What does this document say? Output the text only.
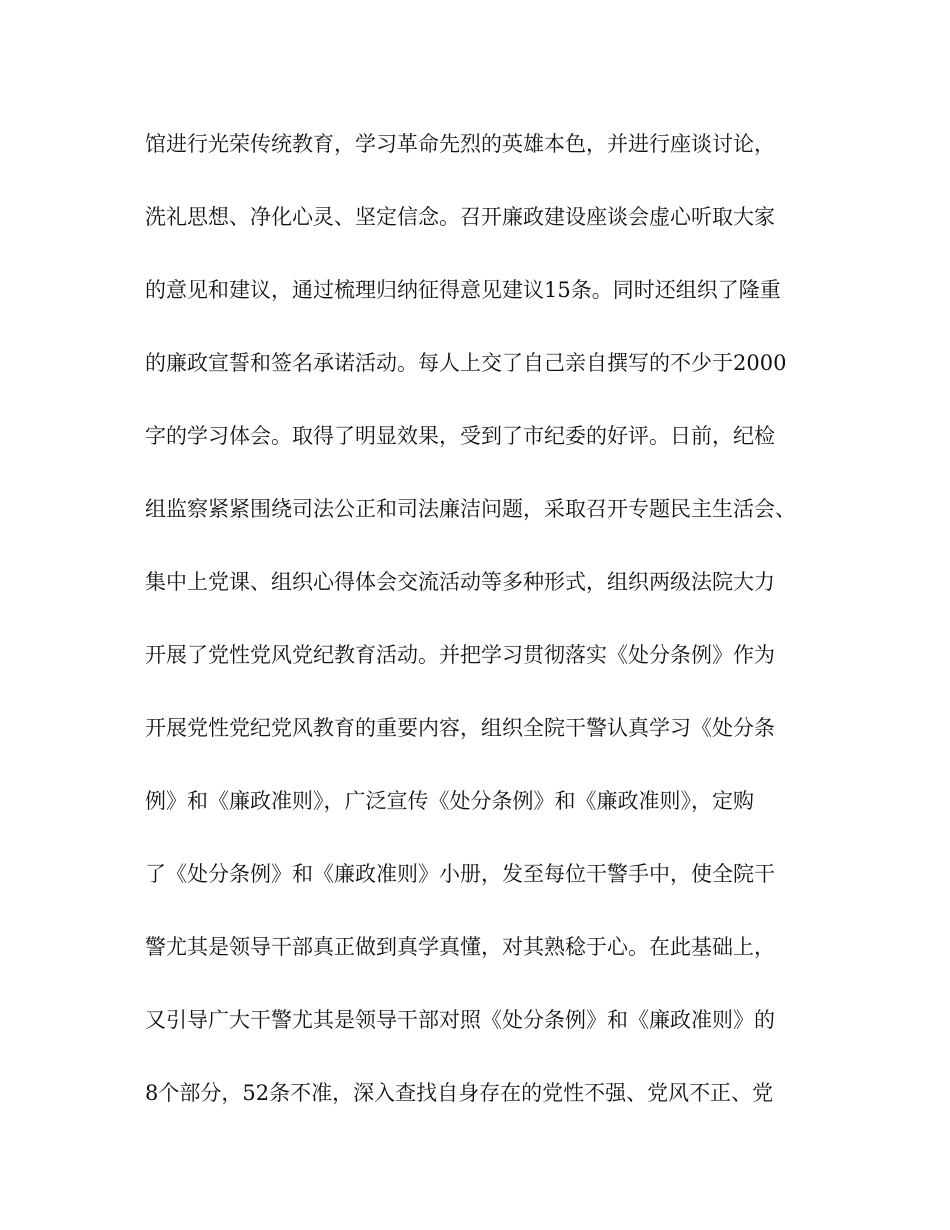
馆进行光荣传统教育，学习革命先烈的英雄本色，并进行座谈讨论，
洗礼思想、净化心灵、坚定信念。召开廉政建设座谈会虚心听取大家
的意见和建议，通过梳理归纳征得意见建议15条。同时还组织了隆重
的廉政宣誓和签名承诺活动。每人上交了自己亲自撰写的不少于2000
字的学习体会。取得了明显效果，受到了市纪委的好评。日前，纪检
组监察紧紧围绕司法公正和司法廉洁问题，采取召开专题民主生活会、
集中上党课、组织心得体会交流活动等多种形式，组织两级法院大力
开展了党性党风党纪教育活动。并把学习贯彻落实《处分条例》作为
开展党性党纪党风教育的重要内容，组织全院干警认真学习《处分条
例》和《廉政准则》，广泛宣传《处分条例》和《廉政准则》，定购
了《处分条例》和《廉政准则》小册，发至每位干警手中，使全院干
警尤其是领导干部真正做到真学真懂，对其熟稔于心。在此基础上，
又引导广大干警尤其是领导干部对照《处分条例》和《廉政准则》的
8个部分，52条不准，深入查找自身存在的党性不强、党风不正、党
